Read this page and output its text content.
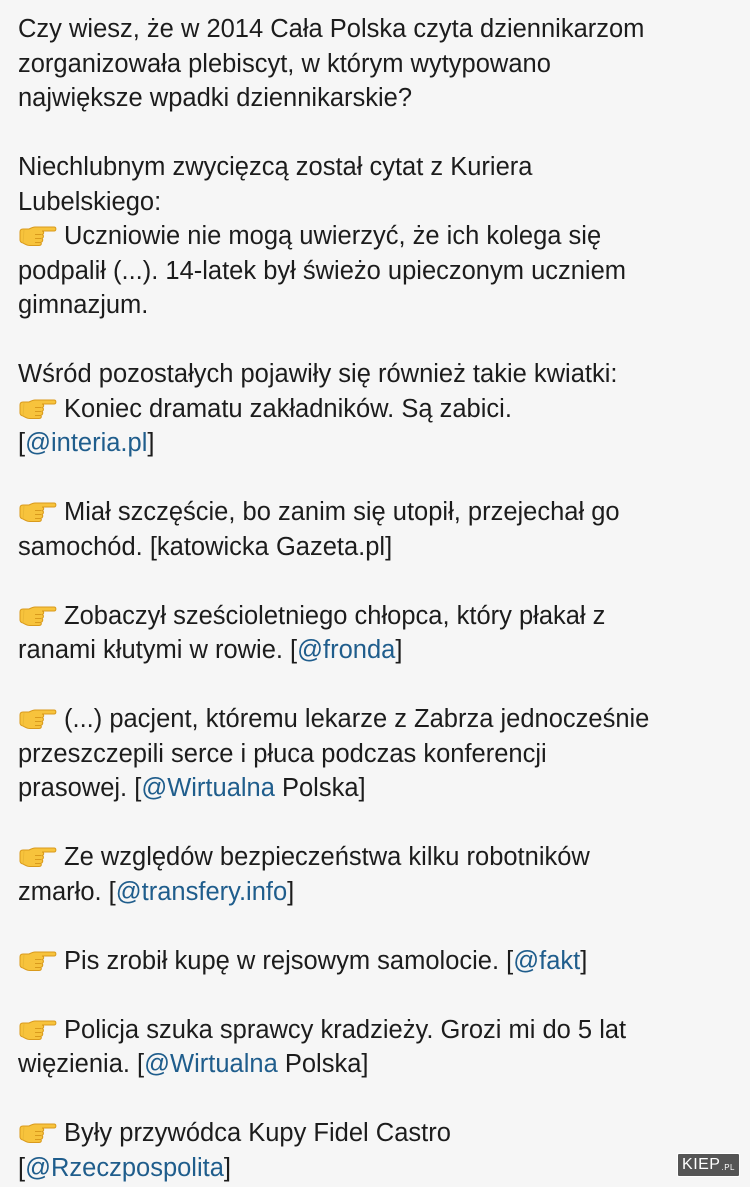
Czy wiesz, że w 2014 Cała Polska czyta dziennikarzom
zorganizowała plebiscyt, w którym wytypowano
największe wpadki dziennikarskie?
Niechlubnym zwycięzcą został cytat z Kuriera
Lubelskiego:
Uczniowie nie mogą uwierzyć, że ich kolega się
podpalił (...). 14-latek był świeżo upieczonym uczniem
gimnazjum.
Wśród pozostałych pojawiły się również takie kwiatki:
Koniec dramatu zakładników. Są zabici.
[@interia.pl]
Miał szczęście, bo zanim się utopił, przejechał go
samochód. [katowicka Gazeta.pl]
Zobaczył sześcioletniego chłopca, który płakał z
ranami kłutymi w rowie. [@fronda]
(...) pacjent, któremu lekarze z Zabrza jednocześnie
przeszczepili serce i płuca podczas konferencji
prasowej. [@Wirtualna Polska]
Ze względów bezpieczeństwa kilku robotników
zmarło. [@transfery.info]
Pis zrobił kupę w rejsowym samolocie. [@fakt]
Policja szuka sprawcy kradzieży. Grozi mi do 5 lat
więzienia. [@Wirtualna Polska]
Były przywódca Kupy Fidel Castro
[@Rzeczpospolita]	KIEP.PL
